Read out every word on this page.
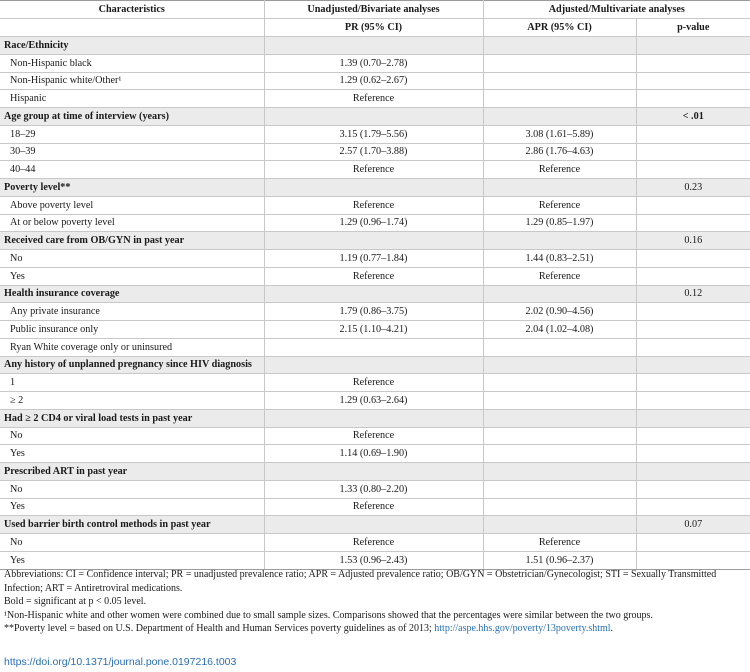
Characteristics	Unadjusted/Bivariate analyses	Adjusted/Multivariate analyses	
	PR (95% CI)	APR (95% CI)	p-value
Race/Ethnicity			
Non-Hispanic black	1.39 (0.70–2.78)		
Non-Hispanic white/Other¹	1.29 (0.62–2.67)		
Hispanic	Reference		
Age group at time of interview (years)			< .01
18–29	3.15 (1.79–5.56)	3.08 (1.61–5.89)	
30–39	2.57 (1.70–3.88)	2.86 (1.76–4.63)	
40–44	Reference	Reference	
Poverty level**			0.23
Above poverty level	Reference	Reference	
At or below poverty level	1.29 (0.96–1.74)	1.29 (0.85–1.97)	
Received care from OB/GYN in past year			0.16
No	1.19 (0.77–1.84)	1.44 (0.83–2.51)	
Yes	Reference	Reference	
Health insurance coverage			0.12
Any private insurance	1.79 (0.86–3.75)	2.02 (0.90–4.56)	
Public insurance only	2.15 (1.10–4.21)	2.04 (1.02–4.08)	
Ryan White coverage only or uninsured			
Any history of unplanned pregnancy since HIV diagnosis			
1	Reference		
≥ 2	1.29 (0.63–2.64)		
Had ≥ 2 CD4 or viral load tests in past year			
No	Reference		
Yes	1.14 (0.69–1.90)		
Prescribed ART in past year			
No	1.33 (0.80–2.20)		
Yes	Reference		
Used barrier birth control methods in past year			0.07
No	Reference	Reference	
Yes	1.53 (0.96–2.43)	1.51 (0.96–2.37)	

Abbreviations: CI = Confidence interval; PR = unadjusted prevalence ratio; APR = Adjusted prevalence ratio; OB/GYN = Obstetrician/Gynecologist; STI = Sexually Transmitted Infection; ART = Antiretroviral medications.

Bold = significant at p < 0.05 level.

¹Non-Hispanic white and other women were combined due to small sample sizes. Comparisons showed that the percentages were similar between the two groups.

**Poverty level = based on U.S. Department of Health and Human Services poverty guidelines as of 2013; http://aspe.hhs.gov/poverty/13poverty.shtml.

https://doi.org/10.1371/journal.pone.0197216.t003
